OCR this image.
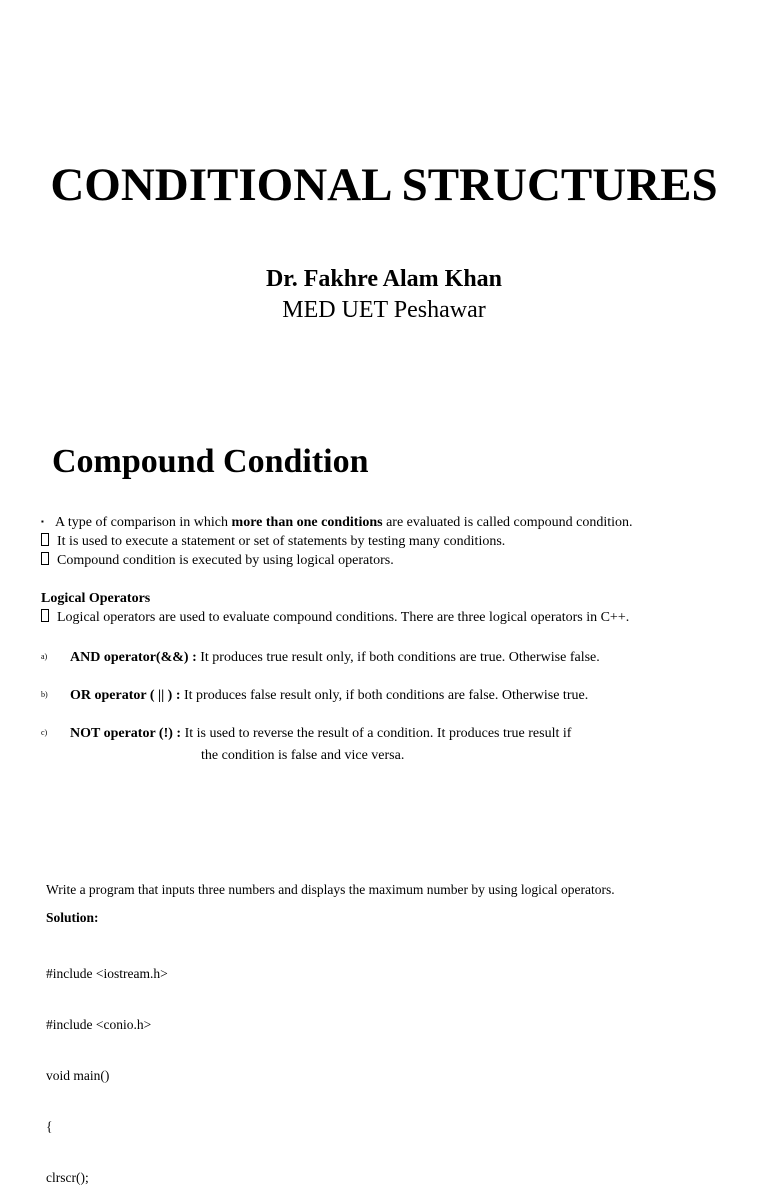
CONDITIONAL STRUCTURES
Dr. Fakhre Alam Khan
MED UET Peshawar
Compound Condition
▪ A type of comparison in which more than one conditions are evaluated is called compound condition.
It is used to execute a statement or set of statements by testing many conditions.
Compound condition is executed by using logical operators.
Logical Operators
Logical operators are used to evaluate compound conditions. There are three logical operators in C++.
a) AND operator(&&) : It produces true result only, if both conditions are true. Otherwise false.
b) OR operator ( || ) : It produces false result only, if both conditions are false. Otherwise true.
c) NOT operator (!) : It is used to reverse the result of a condition. It produces true result if
the condition is false and vice versa.
Write a program that inputs three numbers and displays the maximum number by using logical operators.
Solution:

#include <iostream.h>

#include <conio.h>

void main()

{

clrscr();
